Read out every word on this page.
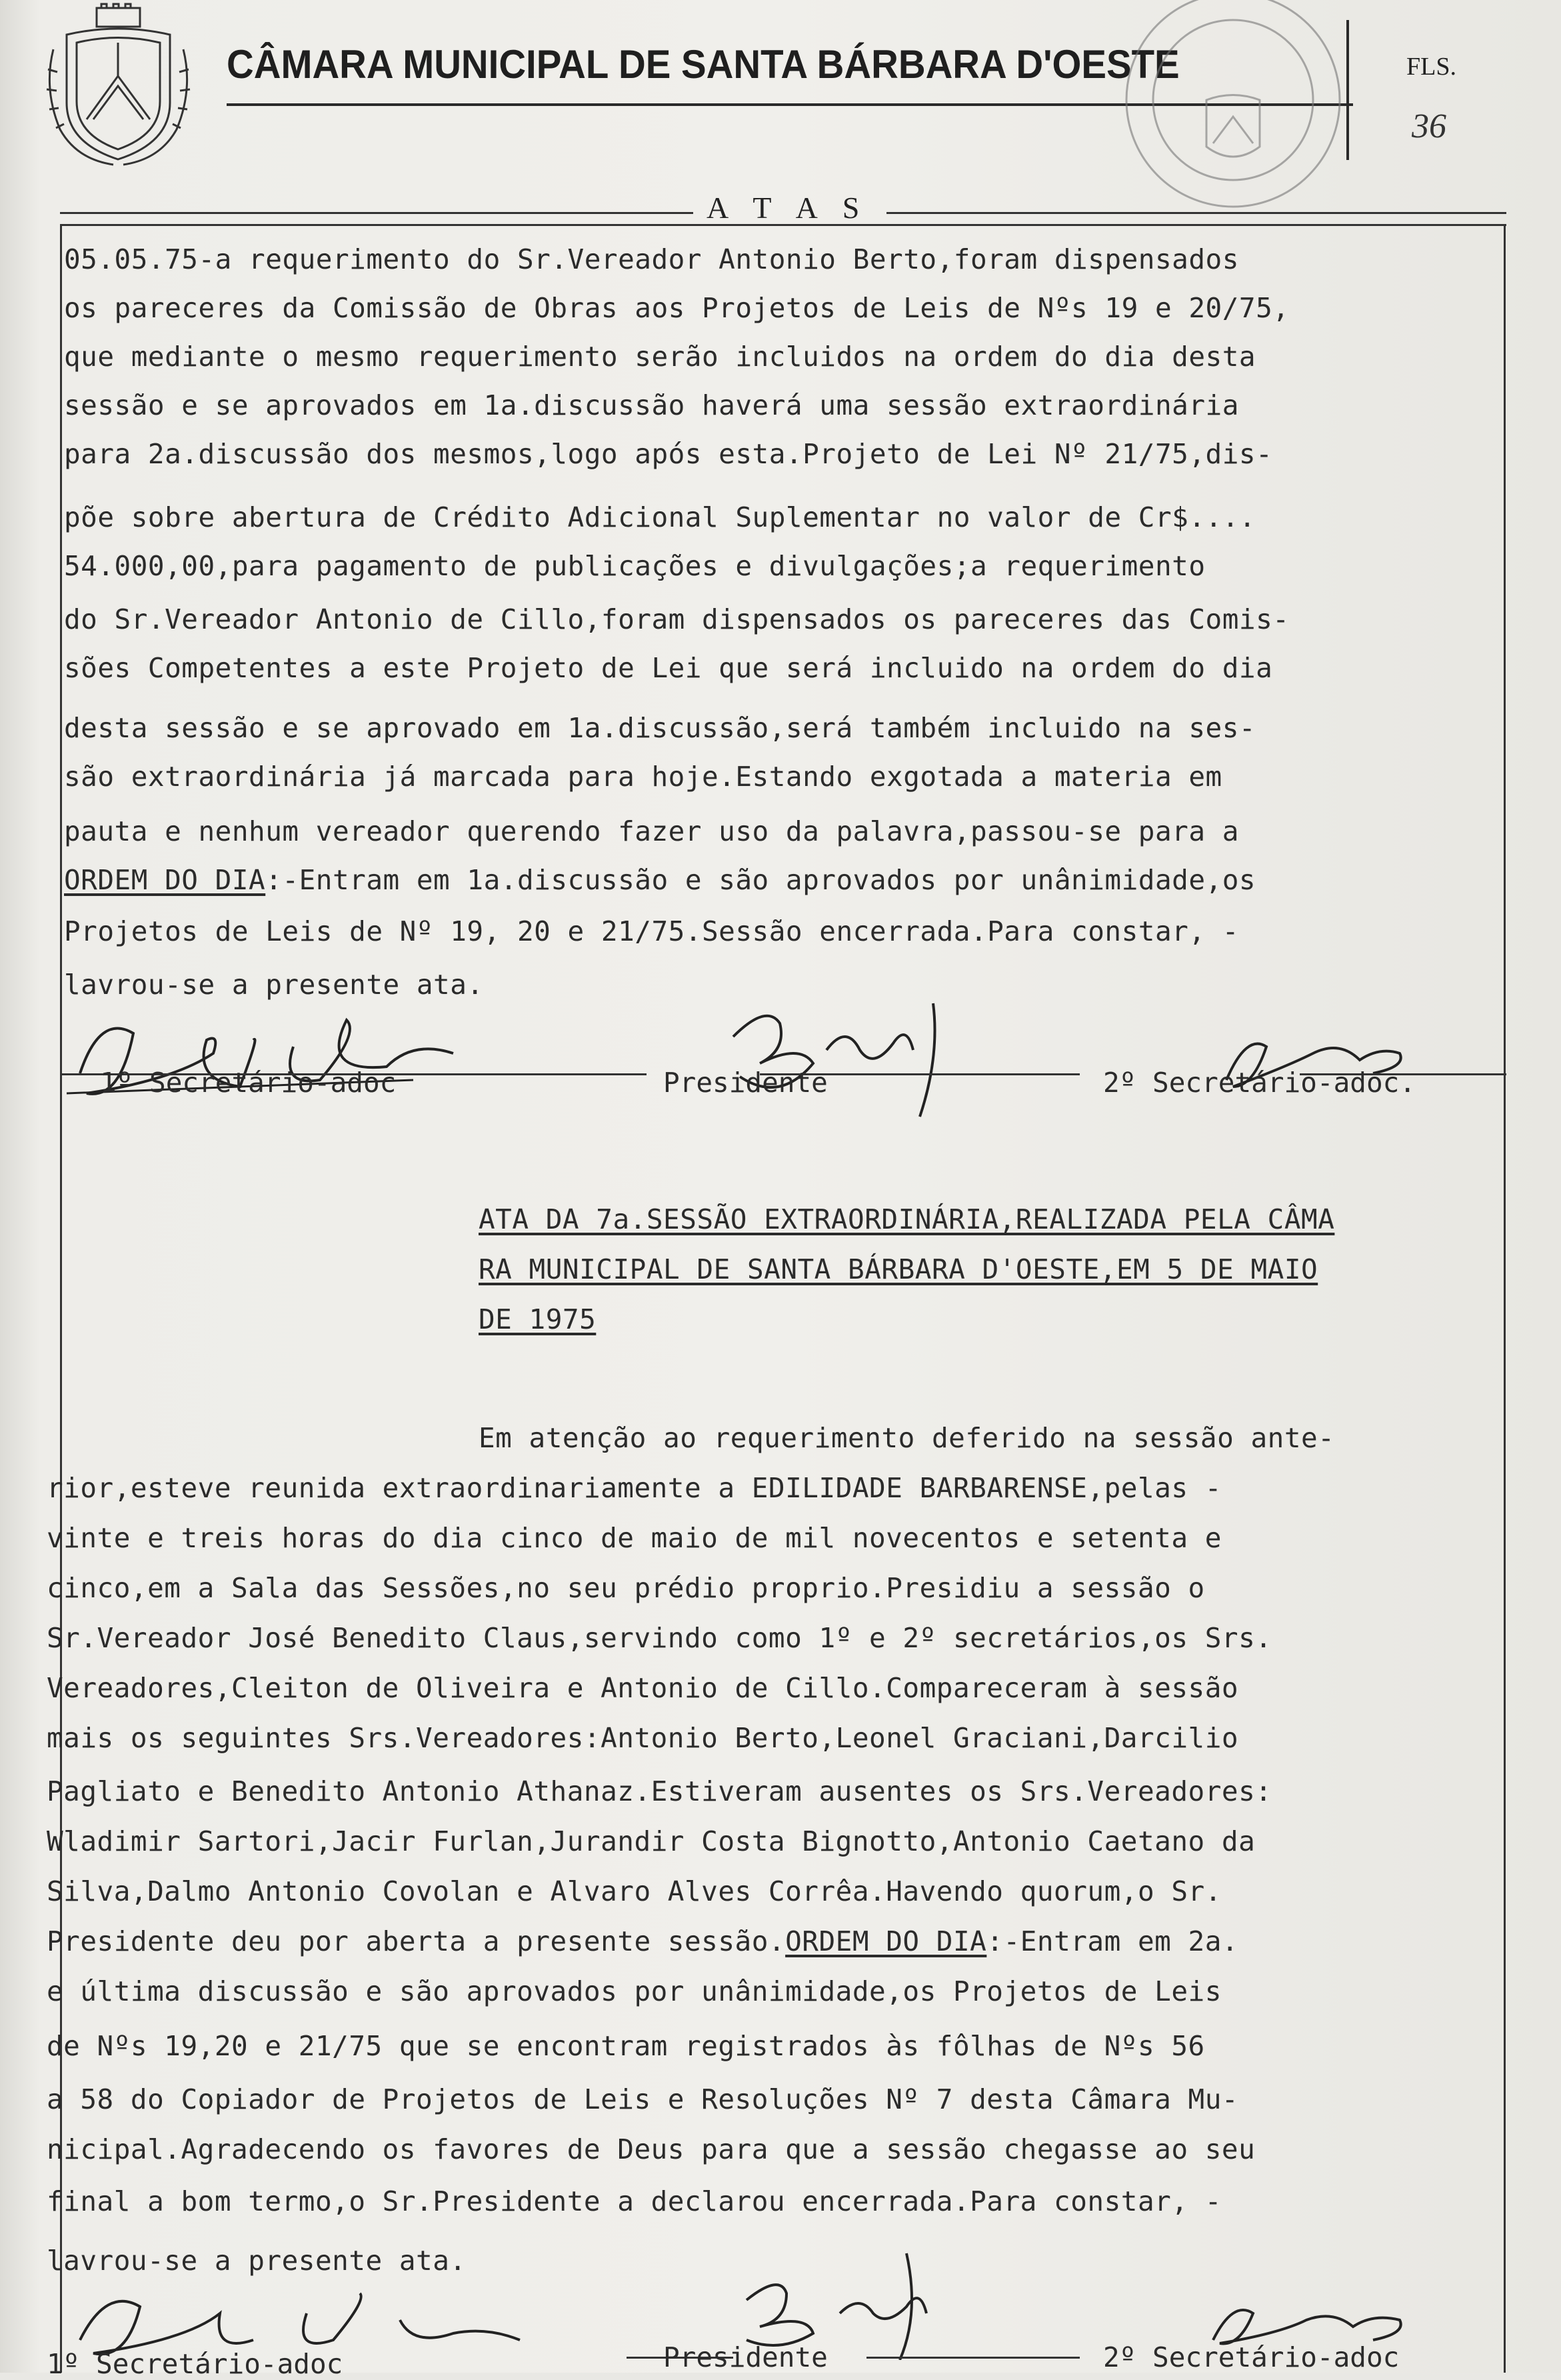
CÂMARA MUNICIPAL DE SANTA BÁRBARA D'OESTE	FLS.
36
A T A S
05.05.75-a requerimento do Sr.Vereador Antonio Berto,foram dispensados
os pareceres da Comissão de Obras aos Projetos de Leis de Nºs 19 e 20/75,
que mediante o mesmo requerimento serão incluidos na ordem do dia desta
sessão e se aprovados em 1a.discussão haverá uma sessão extraordinária
para 2a.discussão dos mesmos,logo após esta.Projeto de Lei Nº 21/75,dis-
põe sobre abertura de Crédito Adicional Suplementar no valor de Cr$....
54.000,00,para pagamento de publicações e divulgações;a requerimento
do Sr.Vereador Antonio de Cillo,foram dispensados os pareceres das Comis-
sões Competentes a este Projeto de Lei que será incluido na ordem do dia
desta sessão e se aprovado em 1a.discussão,será também incluido na ses-
são extraordinária já marcada para hoje.Estando exgotada a materia em
pauta e nenhum vereador querendo fazer uso da palavra,passou-se para a
ORDEM DO DIA:-Entram em 1a.discussão e são aprovados por unânimidade,os
Projetos de Leis de Nº 19, 20 e 21/75.Sessão encerrada.Para constar, -
lavrou-se a presente ata.
1º Secretário-adoc	Presidente	2º Secretário-adoc.
ATA DA 7a.SESSÃO EXTRAORDINÁRIA,REALIZADA PELA CÂMA
RA MUNICIPAL DE SANTA BÁRBARA D'OESTE,EM 5 DE MAIO
DE 1975
Em atenção ao requerimento deferido na sessão ante-
rior,esteve reunida extraordinariamente a EDILIDADE BARBARENSE,pelas -
vinte e treis horas do dia cinco de maio de mil novecentos e setenta e
cinco,em a Sala das Sessões,no seu prédio proprio.Presidiu a sessão o
Sr.Vereador José Benedito Claus,servindo como 1º e 2º secretários,os Srs.
Vereadores,Cleiton de Oliveira e Antonio de Cillo.Compareceram à sessão
mais os seguintes Srs.Vereadores:Antonio Berto,Leonel Graciani,Darcilio
Pagliato e Benedito Antonio Athanaz.Estiveram ausentes os Srs.Vereadores:
Wladimir Sartori,Jacir Furlan,Jurandir Costa Bignotto,Antonio Caetano da
Silva,Dalmo Antonio Covolan e Alvaro Alves Corrêa.Havendo quorum,o Sr.
Presidente deu por aberta a presente sessão.ORDEM DO DIA:-Entram em 2a.
e última discussão e são aprovados por unânimidade,os Projetos de Leis
de Nºs 19,20 e 21/75 que se encontram registrados às fôlhas de Nºs 56
a 58 do Copiador de Projetos de Leis e Resoluções Nº 7 desta Câmara Mu-
nicipal.Agradecendo os favores de Deus para que a sessão chegasse ao seu
final a bom termo,o Sr.Presidente a declarou encerrada.Para constar, -
lavrou-se a presente ata.
1º Secretário-adoc	Presidente	2º Secretário-adoc
